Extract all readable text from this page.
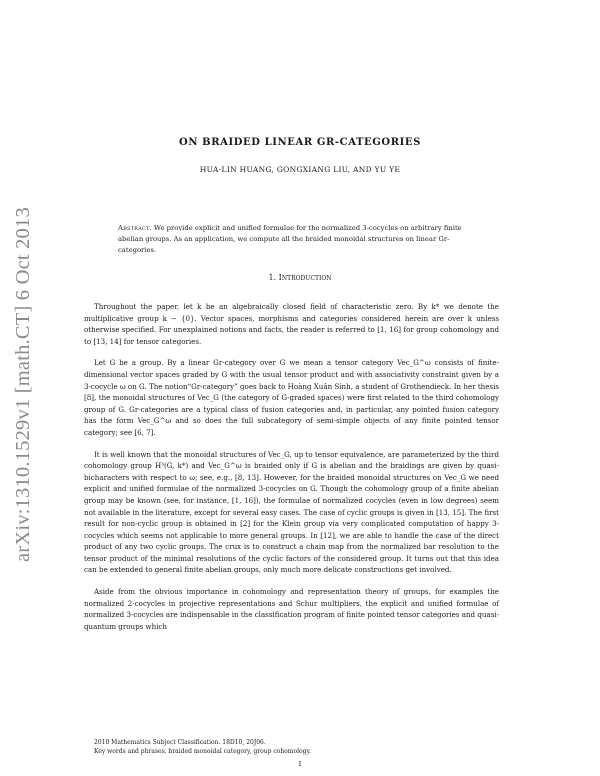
arXiv:1310.1529v1 [math.CT] 6 Oct 2013
ON BRAIDED LINEAR GR-CATEGORIES
HUA-LIN HUANG, GONGXIANG LIU, AND YU YE
Abstract. We provide explicit and unified formulae for the normalized 3-cocycles on arbitrary finite abelian groups. As an application, we compute all the braided monoidal structures on linear Gr-categories.
1. Introduction

Throughout the paper, let k be an algebraically closed field of characteristic zero. By k* we denote the multiplicative group k − {0}. Vector spaces, morphisms and categories considered herein are over k unless otherwise specified. For unexplained notions and facts, the reader is referred to [1, 16] for group cohomology and to [13, 14] for tensor categories.

Let G be a group. By a linear Gr-category over G we mean a tensor category Vec_G^ω consists of finite-dimensional vector spaces graded by G with the usual tensor product and with associativity constraint given by a 3-cocycle ω on G. The notion“Gr-category” goes back to Hoàng Xuân Sính, a student of Grothendieck. In her thesis [8], the monoidal structures of Vec_G (the category of G-graded spaces) were first related to the third cohomology group of G. Gr-categories are a typical class of fusion categories and, in particular, any pointed fusion category has the form Vec_G^ω and so does the full subcategory of semi-simple objects of any finite pointed tensor category; see [6, 7].

It is well known that the monoidal structures of Vec_G, up to tensor equivalence, are parameterized by the third cohomology group H³(G, k*) and Vec_G^ω is braided only if G is abelian and the braidings are given by quasi-bicharacters with respect to ω; see, e.g., [8, 13]. However, for the braided monoidal structures on Vec_G we need explicit and unified formulae of the normalized 3-cocycles on G. Though the cohomology group of a finite abelian group may be known (see, for instance, [1, 16]), the formulae of normalized cocycles (even in low degrees) seem not available in the literature, except for several easy cases. The case of cyclic groups is given in [13, 15]. The first result for non-cyclic group is obtained in [2] for the Klein group via very complicated computation of happy 3-cocycles which seems not applicable to more general groups. In [12], we are able to handle the case of the direct product of any two cyclic groups. The crux is to construct a chain map from the normalized bar resolution to the tensor product of the minimal resolutions of the cyclic factors of the considered group. It turns out that this idea can be extended to general finite abelian groups, only much more delicate constructions get involved.

Aside from the obvious importance in cohomology and representation theory of groups, for examples the normalized 2-cocycles in projective representations and Schur multipliers, the explicit and unified formulae of normalized 3-cocycles are indispensable in the classification program of finite pointed tensor categories and quasi-quantum groups which

2010 Mathematics Subject Classification. 18D10, 20J06.

Key words and phrases. braided monoidal category, group cohomology.

1
